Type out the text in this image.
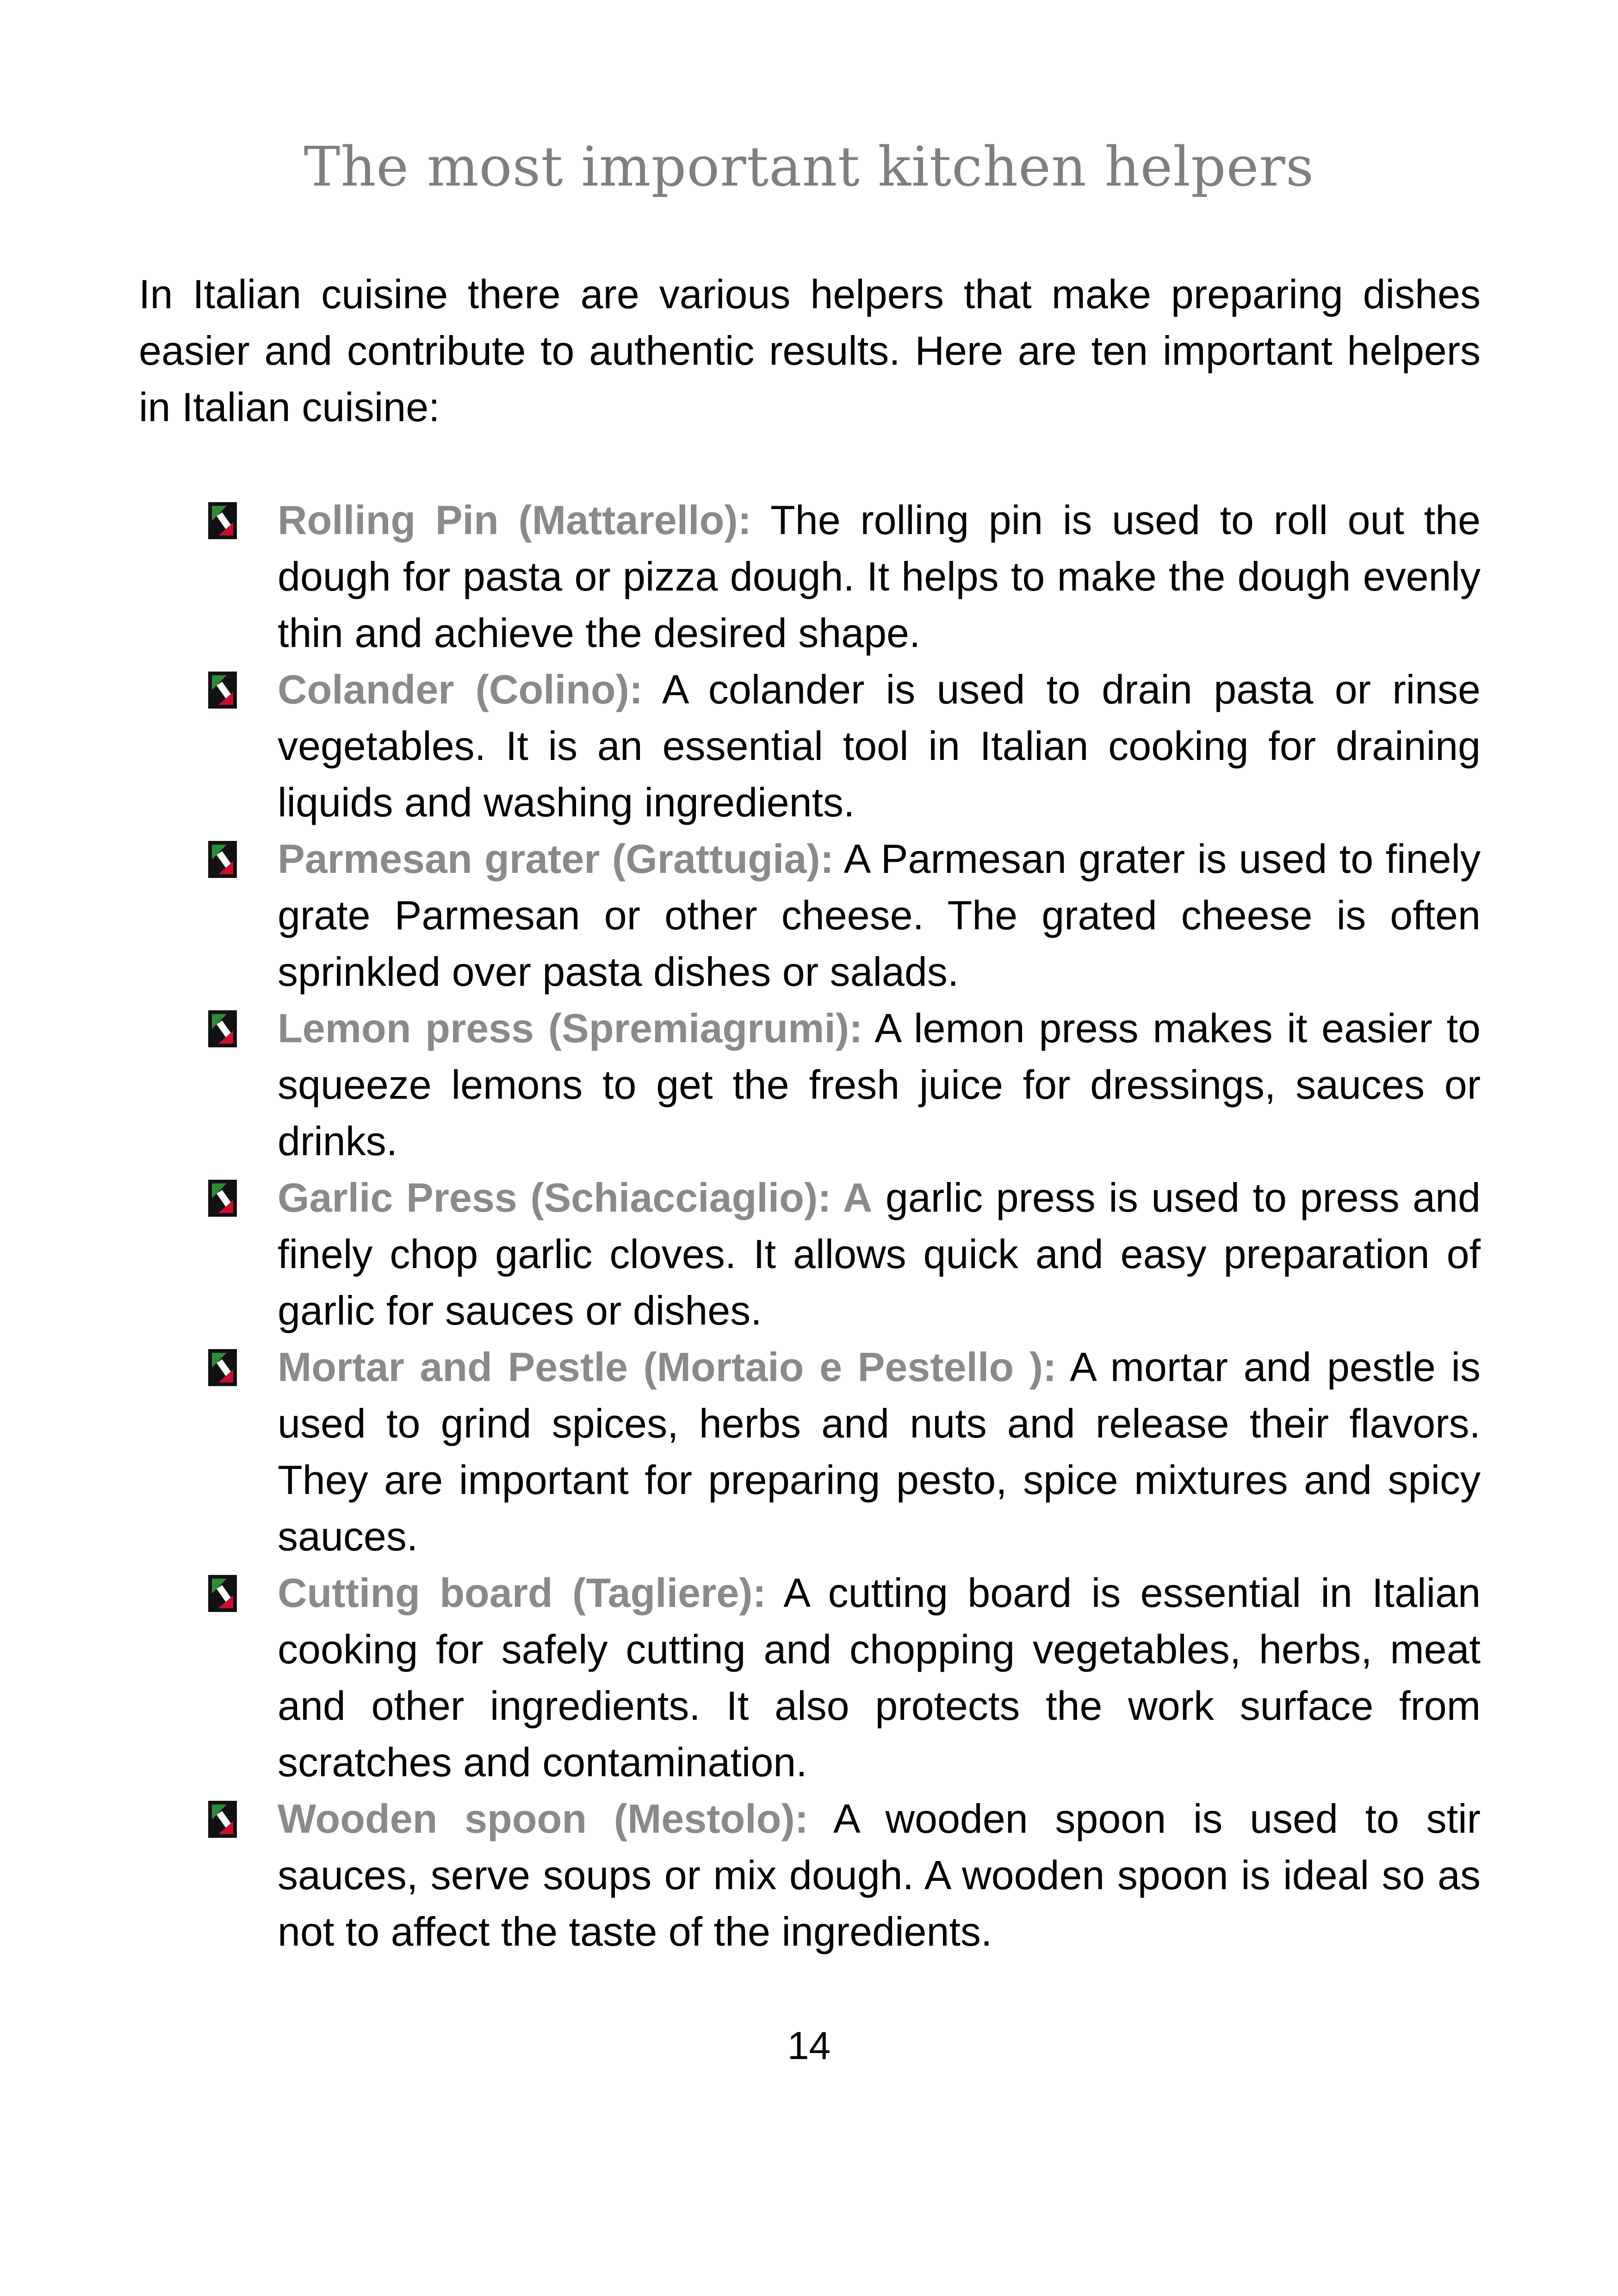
The most important kitchen helpers

In Italian cuisine there are various helpers that make preparing dishes easier and contribute to authentic results. Here are ten important helpers in Italian cuisine:

Rolling Pin (Mattarello): The rolling pin is used to roll out the dough for pasta or pizza dough. It helps to make the dough evenly thin and achieve the desired shape.
Colander (Colino): A colander is used to drain pasta or rinse vegetables. It is an essential tool in Italian cooking for draining liquids and washing ingredients.
Parmesan grater (Grattugia): A Parmesan grater is used to finely grate Parmesan or other cheese. The grated cheese is often sprinkled over pasta dishes or salads.
Lemon press (Spremiagrumi): A lemon press makes it easier to squeeze lemons to get the fresh juice for dressings, sauces or drinks.
Garlic Press (Schiacciaglio): A garlic press is used to press and finely chop garlic cloves. It allows quick and easy preparation of garlic for sauces or dishes.
Mortar and Pestle (Mortaio e Pestello ): A mortar and pestle is used to grind spices, herbs and nuts and release their flavors. They are important for preparing pesto, spice mixtures and spicy sauces.
Cutting board (Tagliere): A cutting board is essential in Italian cooking for safely cutting and chopping vegetables, herbs, meat and other ingredients. It also protects the work surface from scratches and contamination.
Wooden spoon (Mestolo): A wooden spoon is used to stir sauces, serve soups or mix dough. A wooden spoon is ideal so as not to affect the taste of the ingredients.

14
